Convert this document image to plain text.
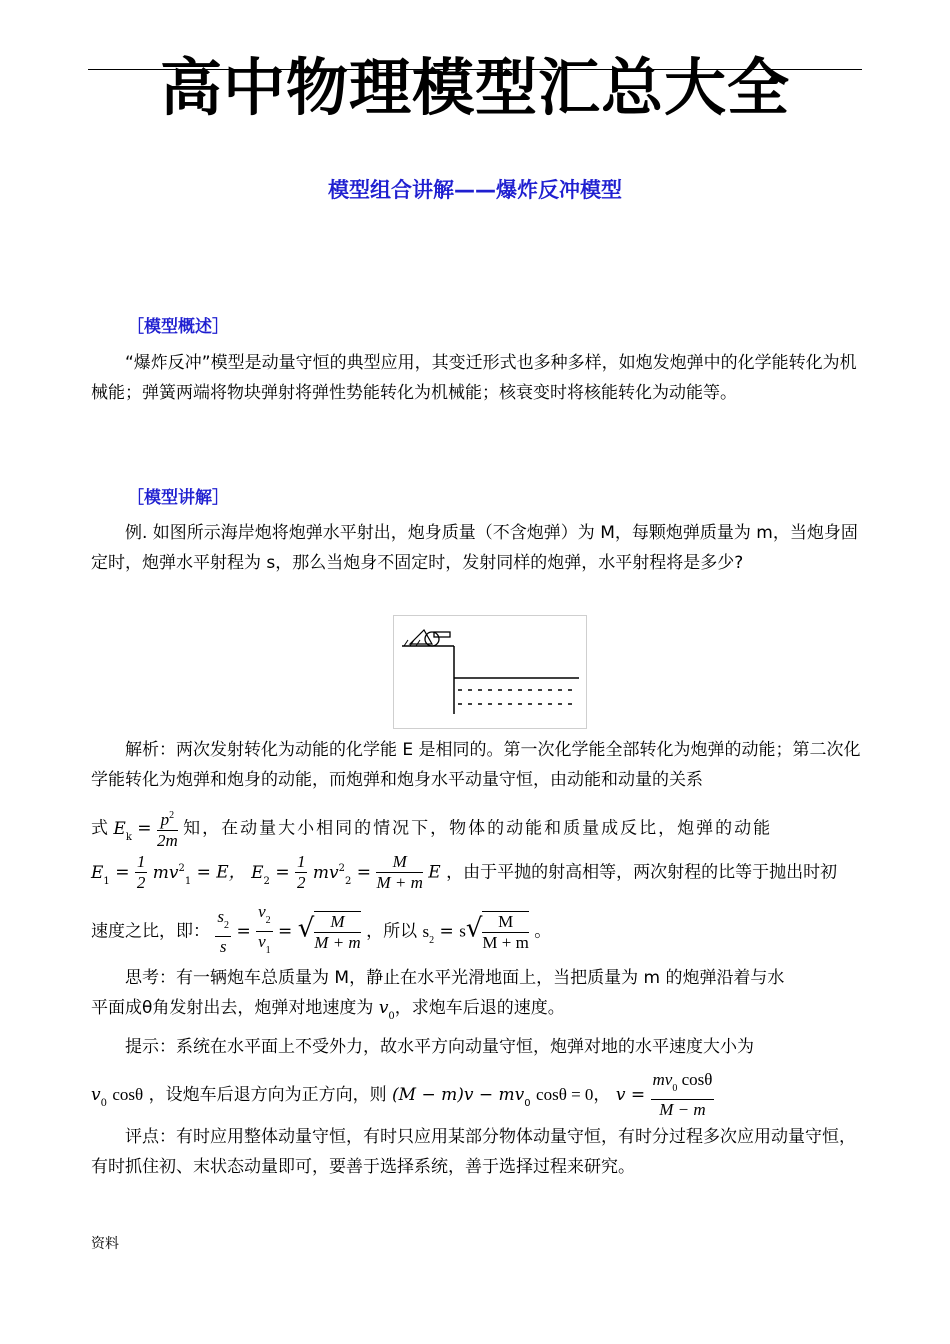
高中物理模型汇总大全
模型组合讲解——爆炸反冲模型
［模型概述］
“爆炸反冲”模型是动量守恒的典型应用，其变迁形式也多种多样，如炮发炮弹中的化学能转化为机械能；弹簧两端将物块弹射将弹性势能转化为机械能；核衰变时将核能转化为动能等。
［模型讲解］
例. 如图所示海岸炮将炮弹水平射出，炮身质量（不含炮弹）为 M，每颗炮弹质量为 m，当炮身固定时，炮弹水平射程为 s，那么当炮身不固定时，发射同样的炮弹，水平射程将是多少?
解析：两次发射转化为动能的化学能 E 是相同的。第一次化学能全部转化为炮弹的动能；第二次化学能转化为炮弹和炮身的动能，而炮弹和炮身水平动量守恒，由动能和动量的关系
式 $E_k = \frac{p^2}{2m}$ 知，在动量大小相同的情况下，物体的动能和质量成反比，炮弹的动能
$E_1 = \frac{1}{2} mv^2_1 = E$， $E_2 = \frac{1}{2} mv^2_2 = \frac{M}{M + m}$ E ，由于平抛的射高相等，两次射程的比等于抛出时初
速度之比，即： $\frac{s_2}{s} = \frac{v_2}{v_1}$ = √ $\frac{M}{M + m}$ ，所以 $s_2 = s√ \frac{M}{M + m}$ 。
思考：有一辆炮车总质量为 M，静止在水平光滑地面上，当把质量为 m 的炮弹沿着与水
平面成θ角发射出去，炮弹对地速度为 $v_0$，求炮车后退的速度。
提示：系统在水平面上不受外力，故水平方向动量守恒，炮弹对地的水平速度大小为
$v_0$ cosθ ，设炮车后退方向为正方向，则 $(M - m)v - mv_0$ cosθ = 0， $v = \frac{mv_0 \cos\theta}{M - m}$
评点：有时应用整体动量守恒，有时只应用某部分物体动量守恒，有时分过程多次应用动量守恒，有时抓住初、末状态动量即可，要善于选择系统，善于选择过程来研究。
资料
